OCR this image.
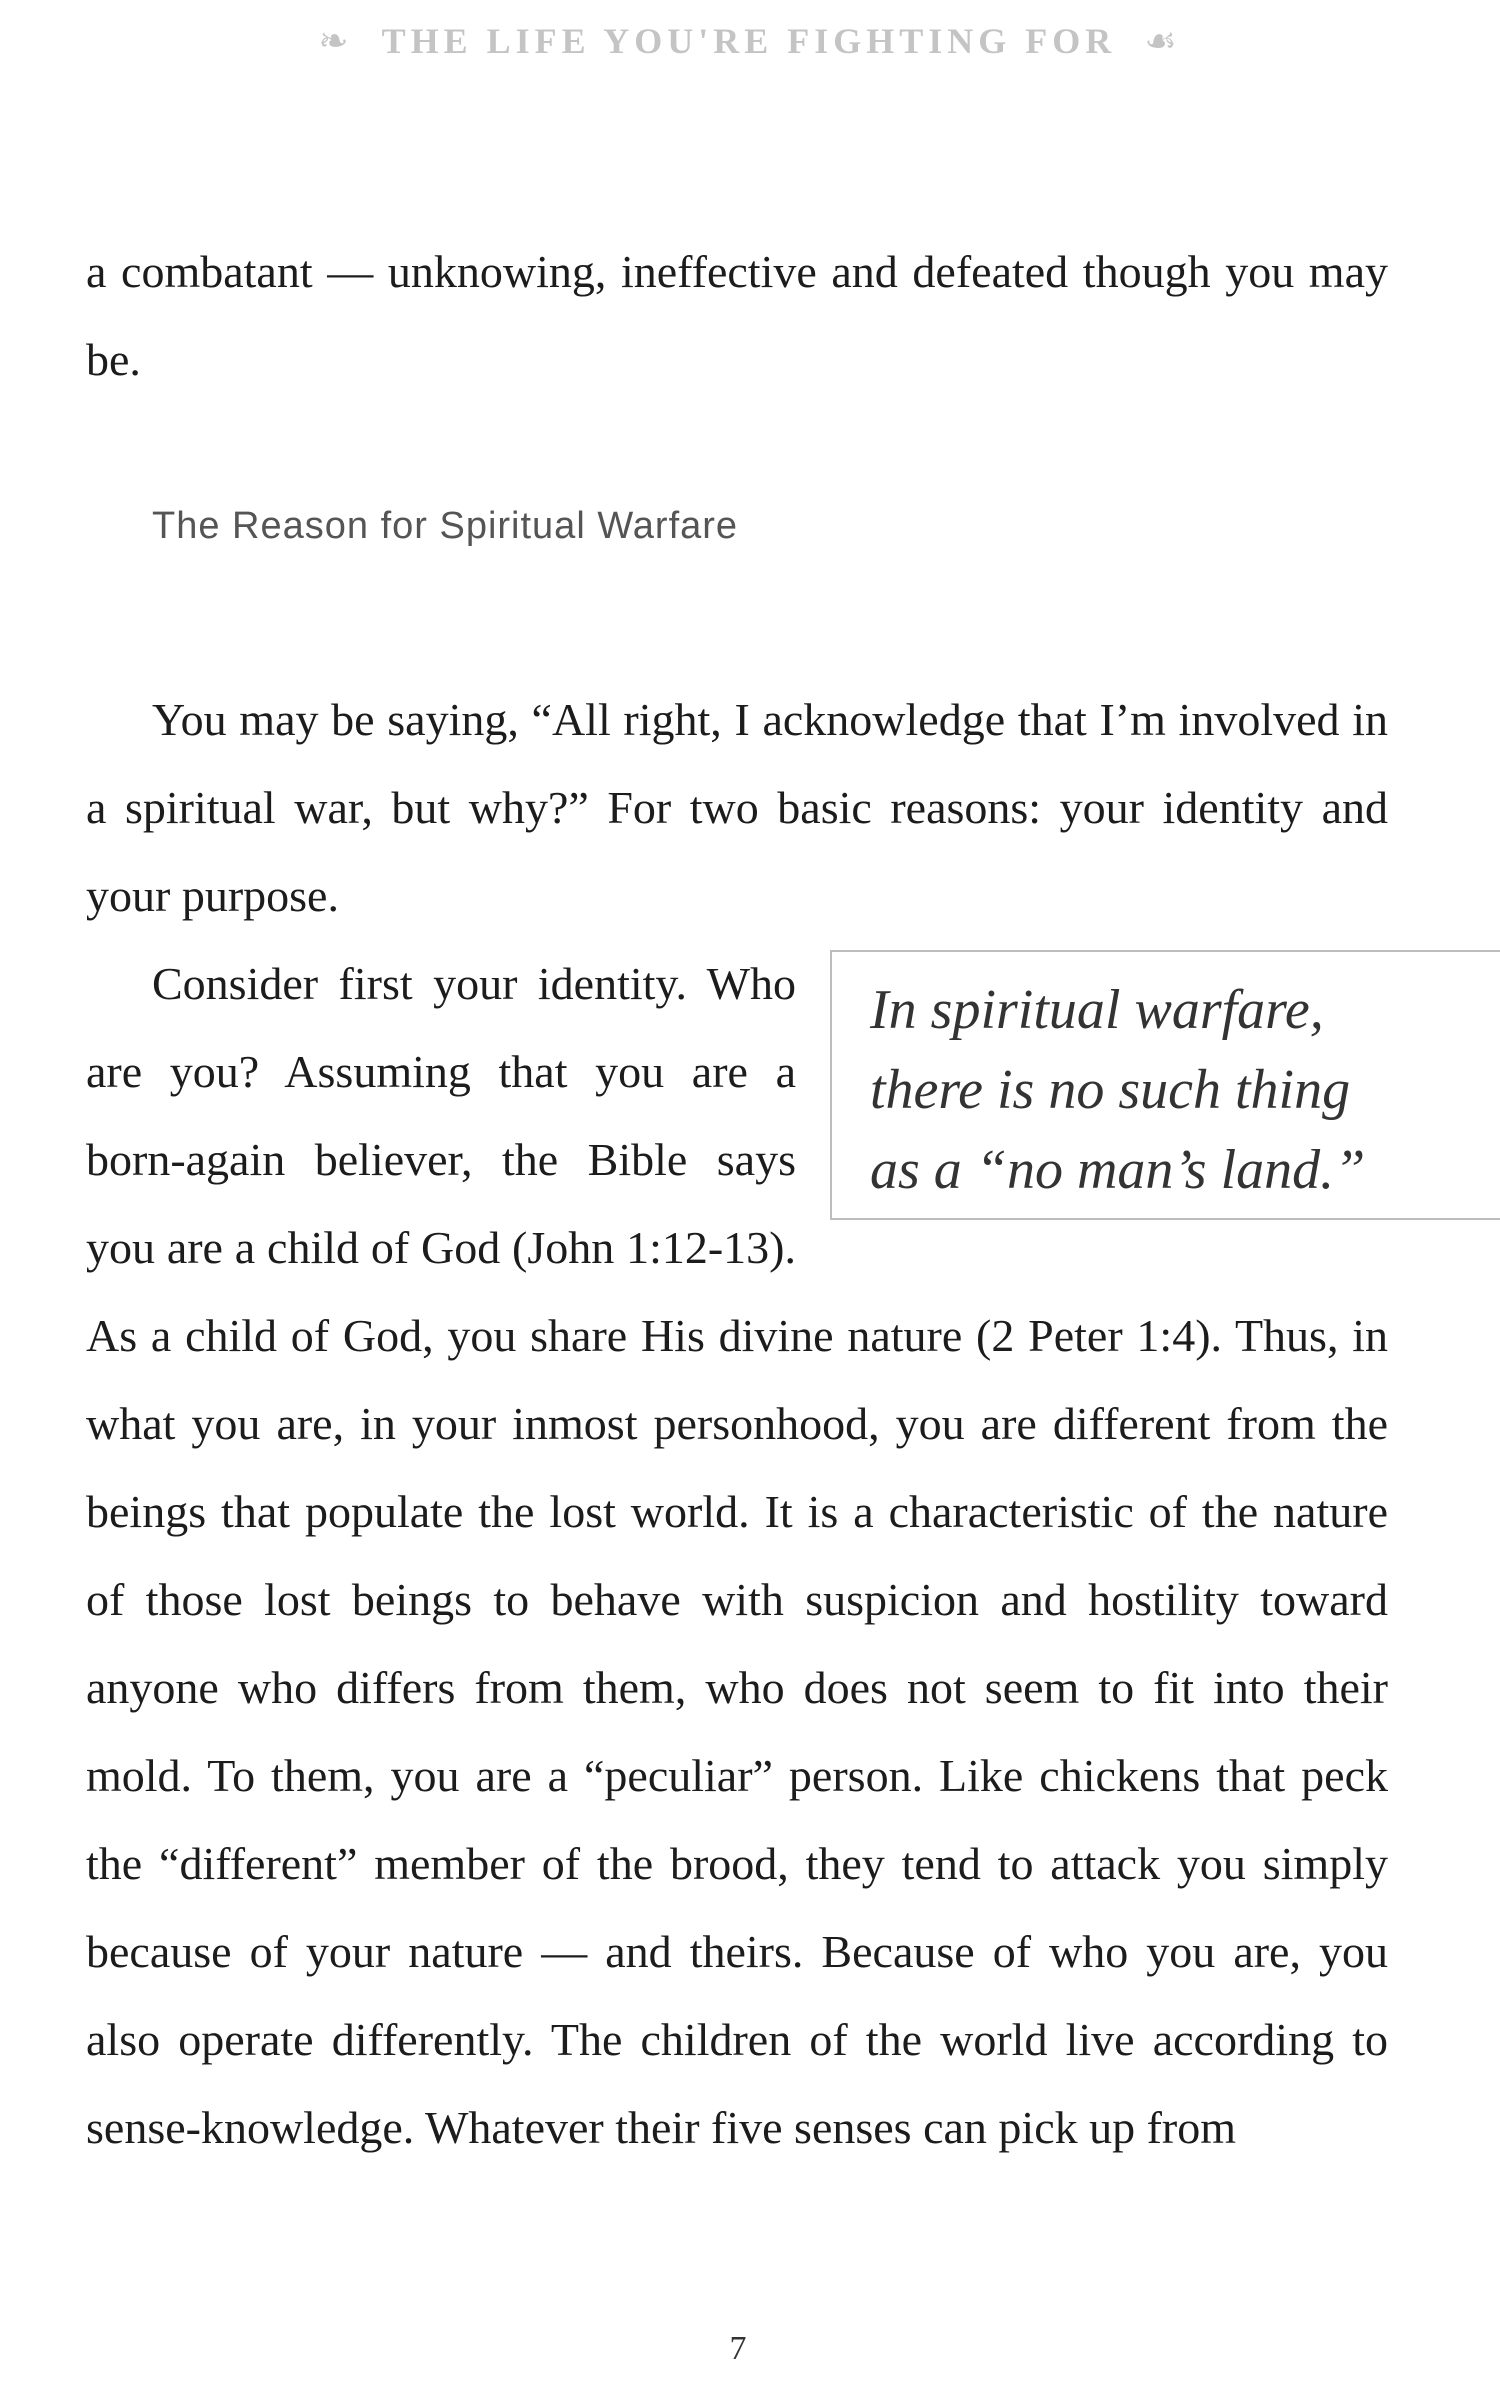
❧ THE LIFE YOU'RE FIGHTING FOR ☙
a combatant — unknowing, ineffective and defeated though you may be.
The Reason for Spiritual Warfare

You may be saying, “All right, I acknowledge that I’m involved in a spiritual war, but why?” For two basic reasons: your identity and your purpose.

In spiritual warfare,
there is no such thing
as a “no man’s land.”
Consider first your identity. Who are you? Assuming that you are a born-again believer, the Bible says you are a child of God (John 1:12-13). As a child of God, you share His divine nature (2 Peter 1:4). Thus, in what you are, in your inmost personhood, you are different from the beings that populate the lost world. It is a characteristic of the nature of those lost beings to behave with suspicion and hostility toward anyone who differs from them, who does not seem to fit into their mold. To them, you are a “peculiar” person. Like chickens that peck the “different” member of the brood, they tend to attack you simply because of your nature — and theirs. Because of who you are, you also operate differently. The children of the world live according to sense-knowledge. Whatever their five senses can pick up from

7
